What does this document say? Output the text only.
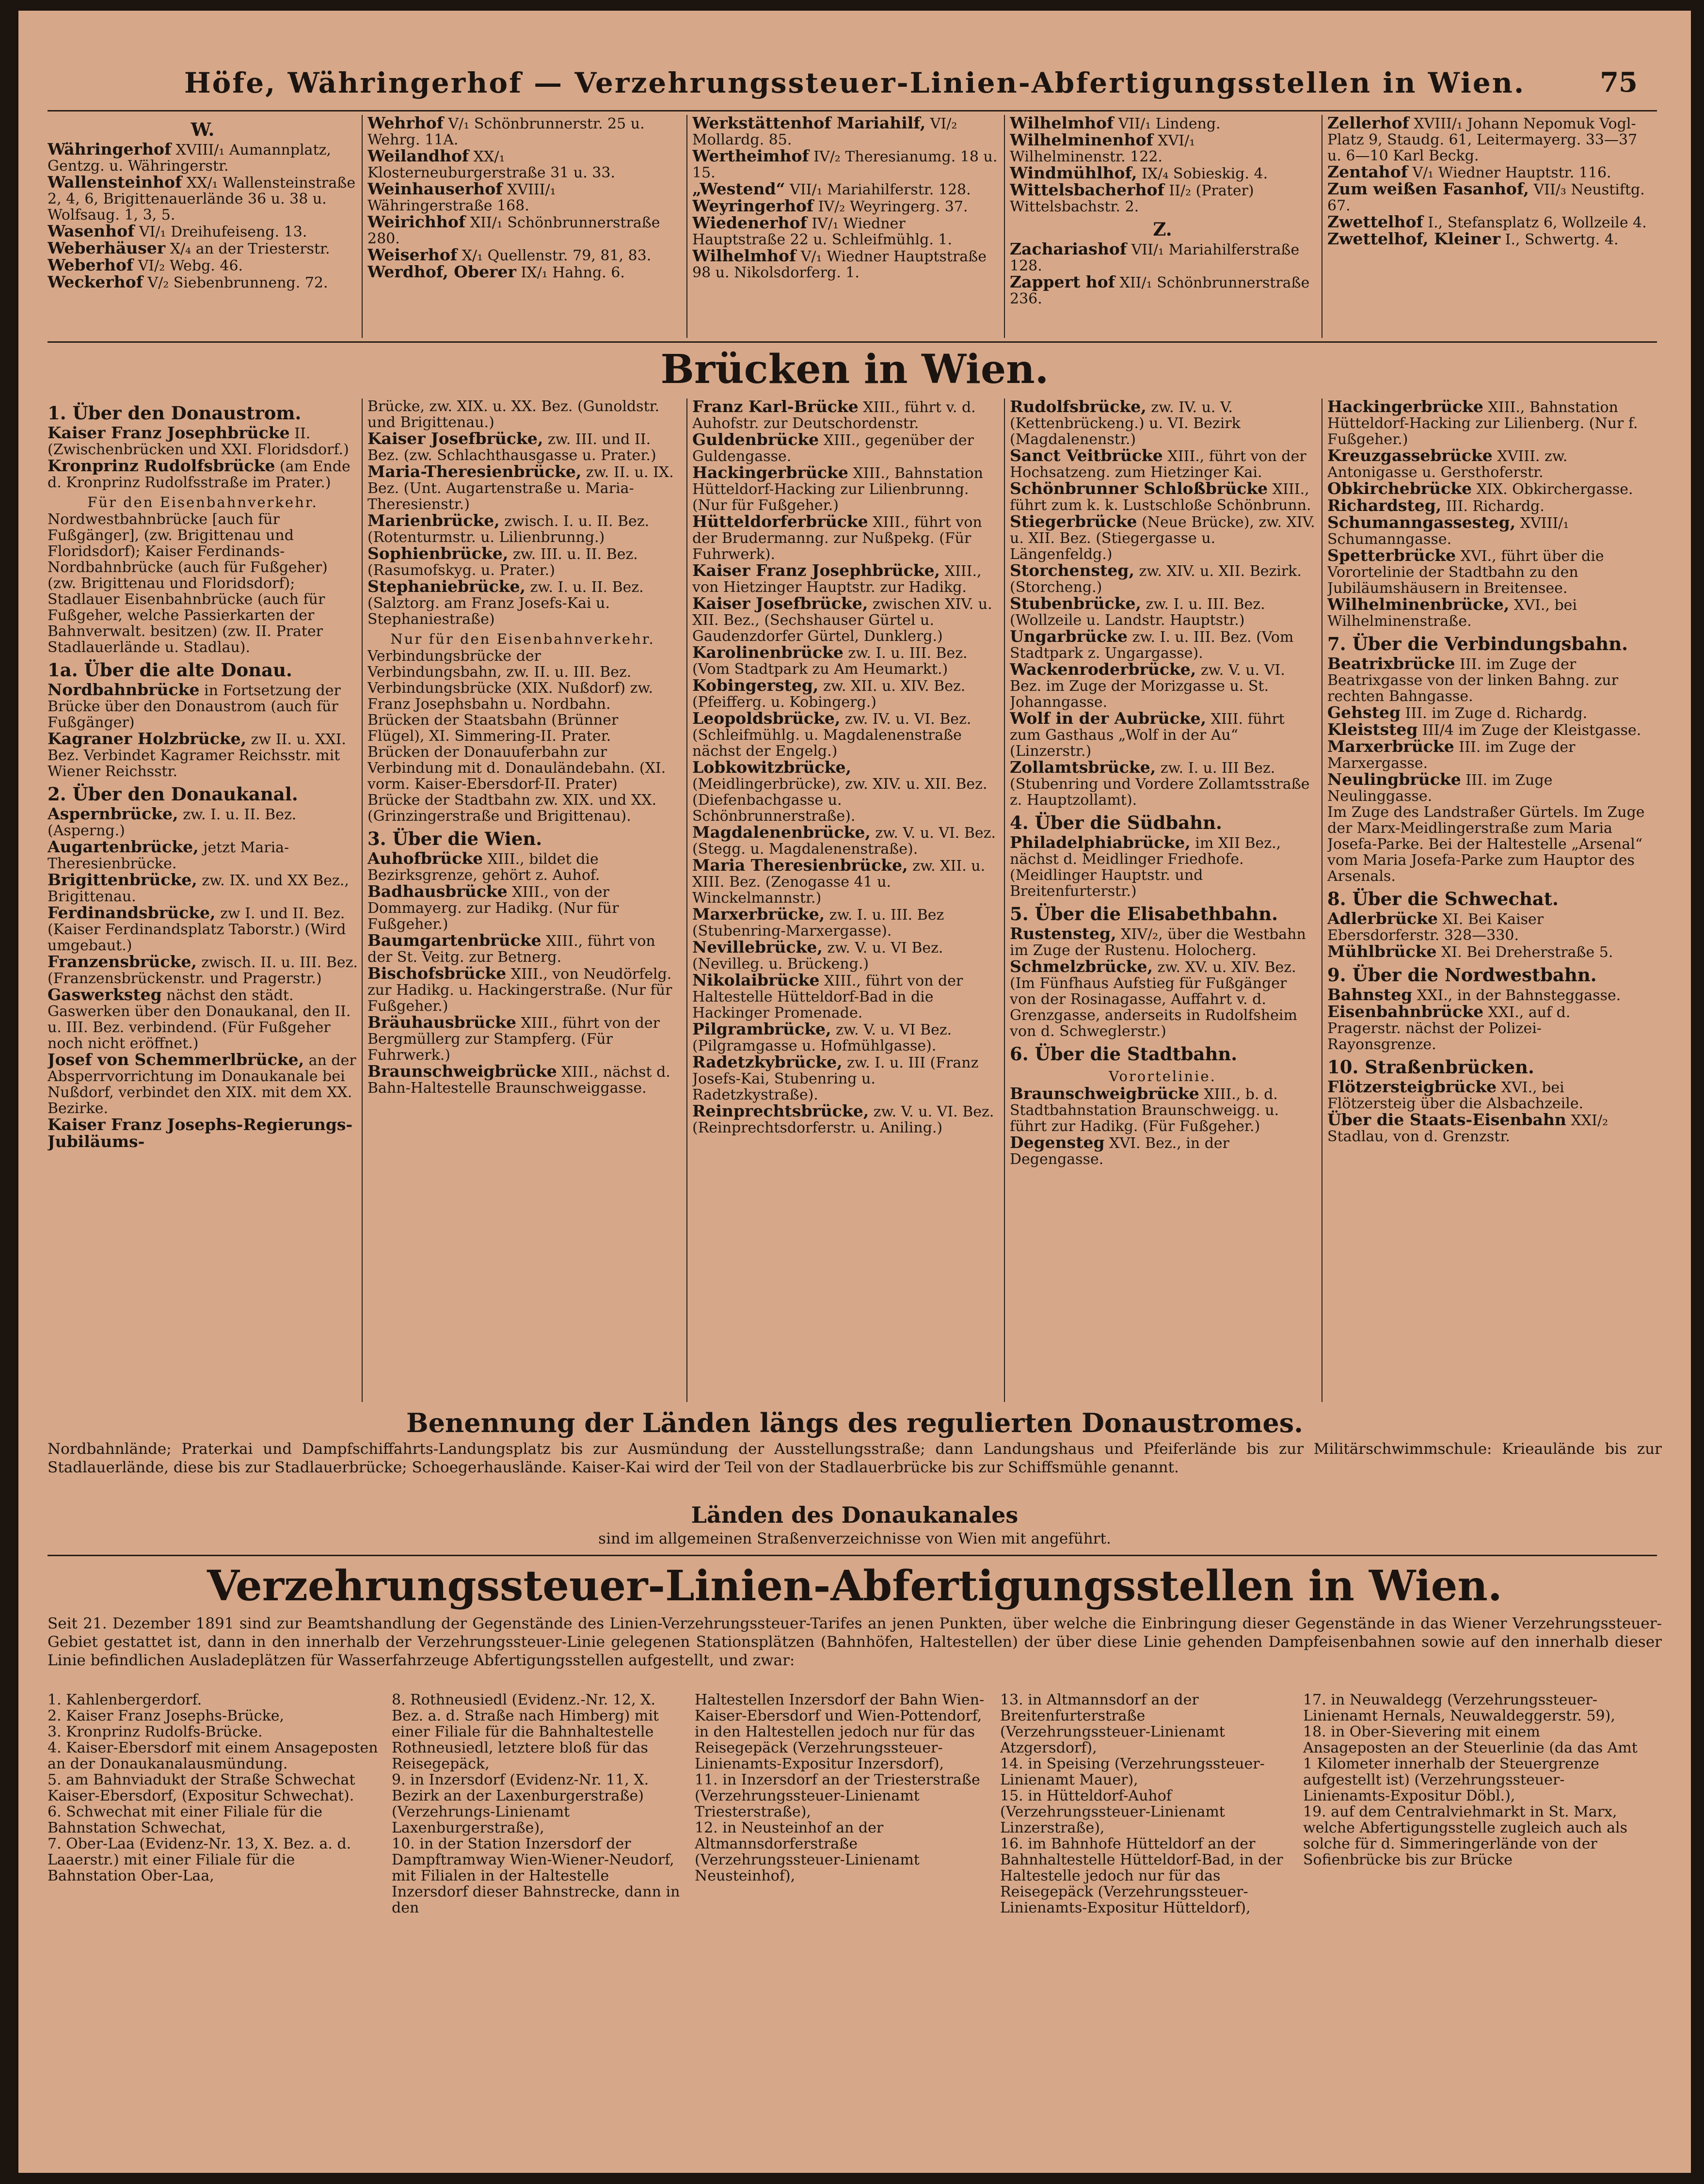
Höfe, Währingerhof — Verzehrungssteuer-Linien-Abfertigungsstellen in Wien.	75

W.

Währingerhof XVIII/₁ Aumannplatz, Gentzg. u. Währingerstr.

Wallensteinhof XX/₁ Wallensteinstraße 2, 4, 6, Brigittenauerlände 36 u. 38 u. Wolfsaug. 1, 3, 5.

Wasenhof VI/₁ Dreihufeiseng. 13.

Weberhäuser X/₄ an der Triesterstr.

Weberhof VI/₂ Webg. 46.

Weckerhof V/₂ Siebenbrunneng. 72.

Wehrhof V/₁ Schönbrunnerstr. 25 u. Wehrg. 11A.

Weilandhof XX/₁ Klosterneuburgerstraße 31 u. 33.

Weinhauserhof XVIII/₁ Währingerstraße 168.

Weirichhof XII/₁ Schönbrunnerstraße 280.

Weiserhof X/₁ Quellenstr. 79, 81, 83.

Werdhof, Oberer IX/₁ Hahng. 6.

Werkstättenhof Mariahilf, VI/₂ Mollardg. 85.

Wertheimhof IV/₂ Theresianumg. 18 u. 15.

„Westend“ VII/₁ Mariahilferstr. 128.

Weyringerhof IV/₂ Weyringerg. 37.

Wiedenerhof IV/₁ Wiedner Hauptstraße 22 u. Schleifmühlg. 1.

Wilhelmhof V/₁ Wiedner Hauptstraße 98 u. Nikolsdorferg. 1.

Wilhelmhof VII/₁ Lindeng.

Wilhelminenhof XVI/₁ Wilhelminenstr. 122.

Windmühlhof, IX/₄ Sobieskig. 4.

Wittelsbacherhof II/₂ (Prater) Wittelsbachstr. 2.

Z.

Zachariashof VII/₁ Mariahilferstraße 128.

Zappert hof XII/₁ Schönbrunnerstraße 236.

Zellerhof XVIII/₁ Johann Nepomuk Vogl-Platz 9, Staudg. 61, Leitermayerg. 33—37 u. 6—10 Karl Beckg.

Zentahof V/₁ Wiedner Hauptstr. 116.

Zum weißen Fasanhof, VII/₃ Neustiftg. 67.

Zwettelhof I., Stefansplatz 6, Wollzeile 4.

Zwettelhof, Kleiner I., Schwertg. 4.

Brücken in Wien.

1. Über den Donaustrom.

Kaiser Franz Josephbrücke II. (Zwischenbrücken und XXI. Floridsdorf.)

Kronprinz Rudolfsbrücke (am Ende d. Kronprinz Rudolfsstraße im Prater.)

Für den Eisenbahnverkehr.

Nordwestbahnbrücke [auch für Fußgänger], (zw. Brigittenau und Floridsdorf); Kaiser Ferdinands-Nordbahnbrücke (auch für Fußgeher) (zw. Brigittenau und Floridsdorf); Stadlauer Eisenbahnbrücke (auch für Fußgeher, welche Passierkarten der Bahnverwalt. besitzen) (zw. II. Prater Stadlauerlände u. Stadlau).

1a. Über die alte Donau.

Nordbahnbrücke in Fortsetzung der Brücke über den Donaustrom (auch für Fußgänger)

Kagraner Holzbrücke, zw II. u. XXI. Bez. Verbindet Kagramer Reichsstr. mit Wiener Reichsstr.

2. Über den Donaukanal.

Aspernbrücke, zw. I. u. II. Bez. (Asperng.)

Augartenbrücke, jetzt Maria-Theresienbrücke.

Brigittenbrücke, zw. IX. und XX Bez., Brigittenau.

Ferdinandsbrücke, zw I. und II. Bez. (Kaiser Ferdinandsplatz Taborstr.) (Wird umgebaut.)

Franzensbrücke, zwisch. II. u. III. Bez. (Franzensbrückenstr. und Pragerstr.)

Gaswerksteg nächst den städt. Gaswerken über den Donaukanal, den II. u. III. Bez. verbindend. (Für Fußgeher noch nicht eröffnet.)

Josef von Schemmerlbrücke, an der Absperrvorrichtung im Donaukanale bei Nußdorf, verbindet den XIX. mit dem XX. Bezirke.

Kaiser Franz Josephs-Regierungs-Jubiläums-

Brücke, zw. XIX. u. XX. Bez. (Gunoldstr. und Brigittenau.)

Kaiser Josefbrücke, zw. III. und II. Bez. (zw. Schlachthausgasse u. Prater.)

Maria-Theresienbrücke, zw. II. u. IX. Bez. (Unt. Augartenstraße u. Maria-Theresienstr.)

Marienbrücke, zwisch. I. u. II. Bez. (Rotenturmstr. u. Lilienbrunng.)

Sophienbrücke, zw. III. u. II. Bez. (Rasumofskyg. u. Prater.)

Stephaniebrücke, zw. I. u. II. Bez. (Salztorg. am Franz Josefs-Kai u. Stephaniestraße)

Nur für den Eisenbahnverkehr.

Verbindungsbrücke der Verbindungsbahn, zw. II. u. III. Bez. Verbindungsbrücke (XIX. Nußdorf) zw. Franz Josephsbahn u. Nordbahn.

Brücken der Staatsbahn (Brünner Flügel), XI. Simmering-II. Prater.

Brücken der Donauuferbahn zur Verbindung mit d. Donauländebahn. (XI. vorm. Kaiser-Ebersdorf-II. Prater)

Brücke der Stadtbahn zw. XIX. und XX. (Grinzingerstraße und Brigittenau).

3. Über die Wien.

Auhofbrücke XIII., bildet die Bezirksgrenze, gehört z. Auhof.

Badhausbrücke XIII., von der Dommayerg. zur Hadikg. (Nur für Fußgeher.)

Baumgartenbrücke XIII., führt von der St. Veitg. zur Betnerg.

Bischofsbrücke XIII., von Neudörfelg. zur Hadikg. u. Hackingerstraße. (Nur für Fußgeher.)

Bräuhausbrücke XIII., führt von der Bergmüllerg zur Stampferg. (Für Fuhrwerk.)

Braunschweigbrücke XIII., nächst d. Bahn-Haltestelle Braunschweiggasse.

Franz Karl-Brücke XIII., führt v. d. Auhofstr. zur Deutschordenstr.

Guldenbrücke XIII., gegenüber der Guldengasse.

Hackingerbrücke XIII., Bahnstation Hütteldorf-Hacking zur Lilienbrunng. (Nur für Fußgeher.)

Hütteldorferbrücke XIII., führt von der Brudermanng. zur Nußpekg. (Für Fuhrwerk).

Kaiser Franz Josephbrücke, XIII., von Hietzinger Hauptstr. zur Hadikg.

Kaiser Josefbrücke, zwischen XIV. u. XII. Bez., (Sechshauser Gürtel u. Gaudenzdorfer Gürtel, Dunklerg.)

Karolinenbrücke zw. I. u. III. Bez. (Vom Stadtpark zu Am Heumarkt.)

Kobingersteg, zw. XII. u. XIV. Bez. (Pfeifferg. u. Kobingerg.)

Leopoldsbrücke, zw. IV. u. VI. Bez. (Schleifmühlg. u. Magdalenenstraße nächst der Engelg.)

Lobkowitzbrücke, (Meidlingerbrücke), zw. XIV. u. XII. Bez. (Diefenbachgasse u. Schönbrunnerstraße).

Magdalenenbrücke, zw. V. u. VI. Bez. (Stegg. u. Magdalenenstraße).

Maria Theresienbrücke, zw. XII. u. XIII. Bez. (Zenogasse 41 u. Winckelmannstr.)

Marxerbrücke, zw. I. u. III. Bez (Stubenring-Marxergasse).

Nevillebrücke, zw. V. u. VI Bez. (Nevilleg. u. Brückeng.)

Nikolaibrücke XIII., führt von der Haltestelle Hütteldorf-Bad in die Hackinger Promenade.

Pilgrambrücke, zw. V. u. VI Bez. (Pilgramgasse u. Hofmühlgasse).

Radetzkybrücke, zw. I. u. III (Franz Josefs-Kai, Stubenring u. Radetzkystraße).

Reinprechtsbrücke, zw. V. u. VI. Bez. (Reinprechtsdorferstr. u. Aniling.)

Rudolfsbrücke, zw. IV. u. V. (Kettenbrückeng.) u. VI. Bezirk (Magdalenenstr.)

Sanct Veitbrücke XIII., führt von der Hochsatzeng. zum Hietzinger Kai.

Schönbrunner Schloßbrücke XIII., führt zum k. k. Lustschloße Schönbrunn.

Stiegerbrücke (Neue Brücke), zw. XIV. u. XII. Bez. (Stiegergasse u. Längenfeldg.)

Storchensteg, zw. XIV. u. XII. Bezirk. (Storcheng.)

Stubenbrücke, zw. I. u. III. Bez. (Wollzeile u. Landstr. Hauptstr.)

Ungarbrücke zw. I. u. III. Bez. (Vom Stadtpark z. Ungargasse).

Wackenroderbrücke, zw. V. u. VI. Bez. im Zuge der Morizgasse u. St. Johanngasse.

Wolf in der Aubrücke, XIII. führt zum Gasthaus „Wolf in der Au“ (Linzerstr.)

Zollamtsbrücke, zw. I. u. III Bez. (Stubenring und Vordere Zollamtsstraße z. Hauptzollamt).

4. Über die Südbahn.

Philadelphiabrücke, im XII Bez., nächst d. Meidlinger Friedhofe. (Meidlinger Hauptstr. und Breitenfurterstr.)

5. Über die Elisabethbahn.

Rustensteg, XIV/₂, über die Westbahn im Zuge der Rustenu. Holocherg.

Schmelzbrücke, zw. XV. u. XIV. Bez. (Im Fünfhaus Aufstieg für Fußgänger von der Rosinagasse, Auffahrt v. d. Grenzgasse, anderseits in Rudolfsheim von d. Schweglerstr.)

6. Über die Stadtbahn.

Vorortelinie.

Braunschweigbrücke XIII., b. d. Stadtbahnstation Braunschweigg. u. führt zur Hadikg. (Für Fußgeher.)

Degensteg XVI. Bez., in der Degengasse.

Hackingerbrücke XIII., Bahnstation Hütteldorf-Hacking zur Lilienberg. (Nur f. Fußgeher.)

Kreuzgassebrücke XVIII. zw. Antonigasse u. Gersthoferstr.

Obkirchebrücke XIX. Obkirchergasse.

Richardsteg, III. Richardg.

Schumanngassesteg, XVIII/₁ Schumanngasse.

Spetterbrücke XVI., führt über die Vorortelinie der Stadtbahn zu den Jubiläumshäusern in Breitensee.

Wilhelminenbrücke, XVI., bei Wilhelminenstraße.

7. Über die Verbindungsbahn.

Beatrixbrücke III. im Zuge der Beatrixgasse von der linken Bahng. zur rechten Bahngasse.

Gehsteg III. im Zuge d. Richardg.

Kleiststeg III/4 im Zuge der Kleistgasse.

Marxerbrücke III. im Zuge der Marxergasse.

Neulingbrücke III. im Zuge Neulinggasse.

Im Zuge des Landstraßer Gürtels. Im Zuge der Marx-Meidlingerstraße zum Maria Josefa-Parke. Bei der Haltestelle „Arsenal“ vom Maria Josefa-Parke zum Hauptor des Arsenals.

8. Über die Schwechat.

Adlerbrücke XI. Bei Kaiser Ebersdorferstr. 328—330.

Mühlbrücke XI. Bei Dreherstraße 5.

9. Über die Nordwestbahn.

Bahnsteg XXI., in der Bahnsteggasse.

Eisenbahnbrücke XXI., auf d. Pragerstr. nächst der Polizei-Rayonsgrenze.

10. Straßenbrücken.

Flötzersteigbrücke XVI., bei Flötzersteig über die Alsbachzeile.

Über die Staats-Eisenbahn XXI/₂ Stadlau, von d. Grenzstr.

Benennung der Länden längs des regulierten Donaustromes.
Nordbahnlände; Praterkai und Dampfschiffahrts-Landungsplatz bis zur Ausmündung der Ausstellungsstraße; dann Landungshaus und Pfeiferlände bis zur Militärschwimmschule: Krieaulände bis zur Stadlauerlände, diese bis zur Stadlauerbrücke; Schoegerhauslände. Kaiser-Kai wird der Teil von der Stadlauerbrücke bis zur Schiffsmühle genannt.
Länden des Donaukanales
sind im allgemeinen Straßenverzeichnisse von Wien mit angeführt.
Verzehrungssteuer-Linien-Abfertigungsstellen in Wien.
Seit 21. Dezember 1891 sind zur Beamtshandlung der Gegenstände des Linien-Verzehrungssteuer-Tarifes an jenen Punkten, über welche die Einbringung dieser Gegenstände in das Wiener Verzehrungssteuer-Gebiet gestattet ist, dann in den innerhalb der Verzehrungssteuer-Linie gelegenen Stationsplätzen (Bahnhöfen, Haltestellen) der über diese Linie gehenden Dampfeisenbahnen sowie auf den innerhalb dieser Linie befindlichen Ausladeplätzen für Wasserfahrzeuge Abfertigungsstellen aufgestellt, und zwar:

1. Kahlenbergerdorf.

2. Kaiser Franz Josephs-Brücke,

3. Kronprinz Rudolfs-Brücke.

4. Kaiser-Ebersdorf mit einem Ansageposten an der Donaukanalausmündung.

5. am Bahnviadukt der Straße Schwechat Kaiser-Ebersdorf, (Expositur Schwechat).

6. Schwechat mit einer Filiale für die Bahnstation Schwechat,

7. Ober-Laa (Evidenz-Nr. 13, X. Bez. a. d. Laaerstr.) mit einer Filiale für die Bahnstation Ober-Laa,

8. Rothneusiedl (Evidenz.-Nr. 12, X. Bez. a. d. Straße nach Himberg) mit einer Filiale für die Bahnhaltestelle Rothneusiedl, letztere bloß für das Reisegepäck,

9. in Inzersdorf (Evidenz-Nr. 11, X. Bezirk an der Laxenburgerstraße) (Verzehrungs-Linienamt Laxenburgerstraße),

10. in der Station Inzersdorf der Dampftramway Wien-Wiener-Neudorf, mit Filialen in der Haltestelle Inzersdorf dieser Bahnstrecke, dann in den

Haltestellen Inzersdorf der Bahn Wien-Kaiser-Ebersdorf und Wien-Pottendorf, in den Haltestellen jedoch nur für das Reisegepäck (Verzehrungssteuer-Linienamts-Expositur Inzersdorf),

11. in Inzersdorf an der Triesterstraße (Verzehrungssteuer-Linienamt Triesterstraße),

12. in Neusteinhof an der Altmannsdorferstraße (Verzehrungssteuer-Linienamt Neusteinhof),

13. in Altmannsdorf an der Breitenfurterstraße (Verzehrungssteuer-Linienamt Atzgersdorf),

14. in Speising (Verzehrungssteuer-Linienamt Mauer),

15. in Hütteldorf-Auhof (Verzehrungssteuer-Linienamt Linzerstraße),

16. im Bahnhofe Hütteldorf an der Bahnhaltestelle Hütteldorf-Bad, in der Haltestelle jedoch nur für das Reisegepäck (Verzehrungssteuer-Linienamts-Expositur Hütteldorf),

17. in Neuwaldegg (Verzehrungssteuer-Linienamt Hernals, Neuwaldeggerstr. 59),

18. in Ober-Sievering mit einem Ansageposten an der Steuerlinie (da das Amt 1 Kilometer innerhalb der Steuergrenze aufgestellt ist) (Verzehrungssteuer-Linienamts-Expositur Döbl.),

19. auf dem Centralviehmarkt in St. Marx, welche Abfertigungsstelle zugleich auch als solche für d. Simmeringerlände von der Sofienbrücke bis zur Brücke
